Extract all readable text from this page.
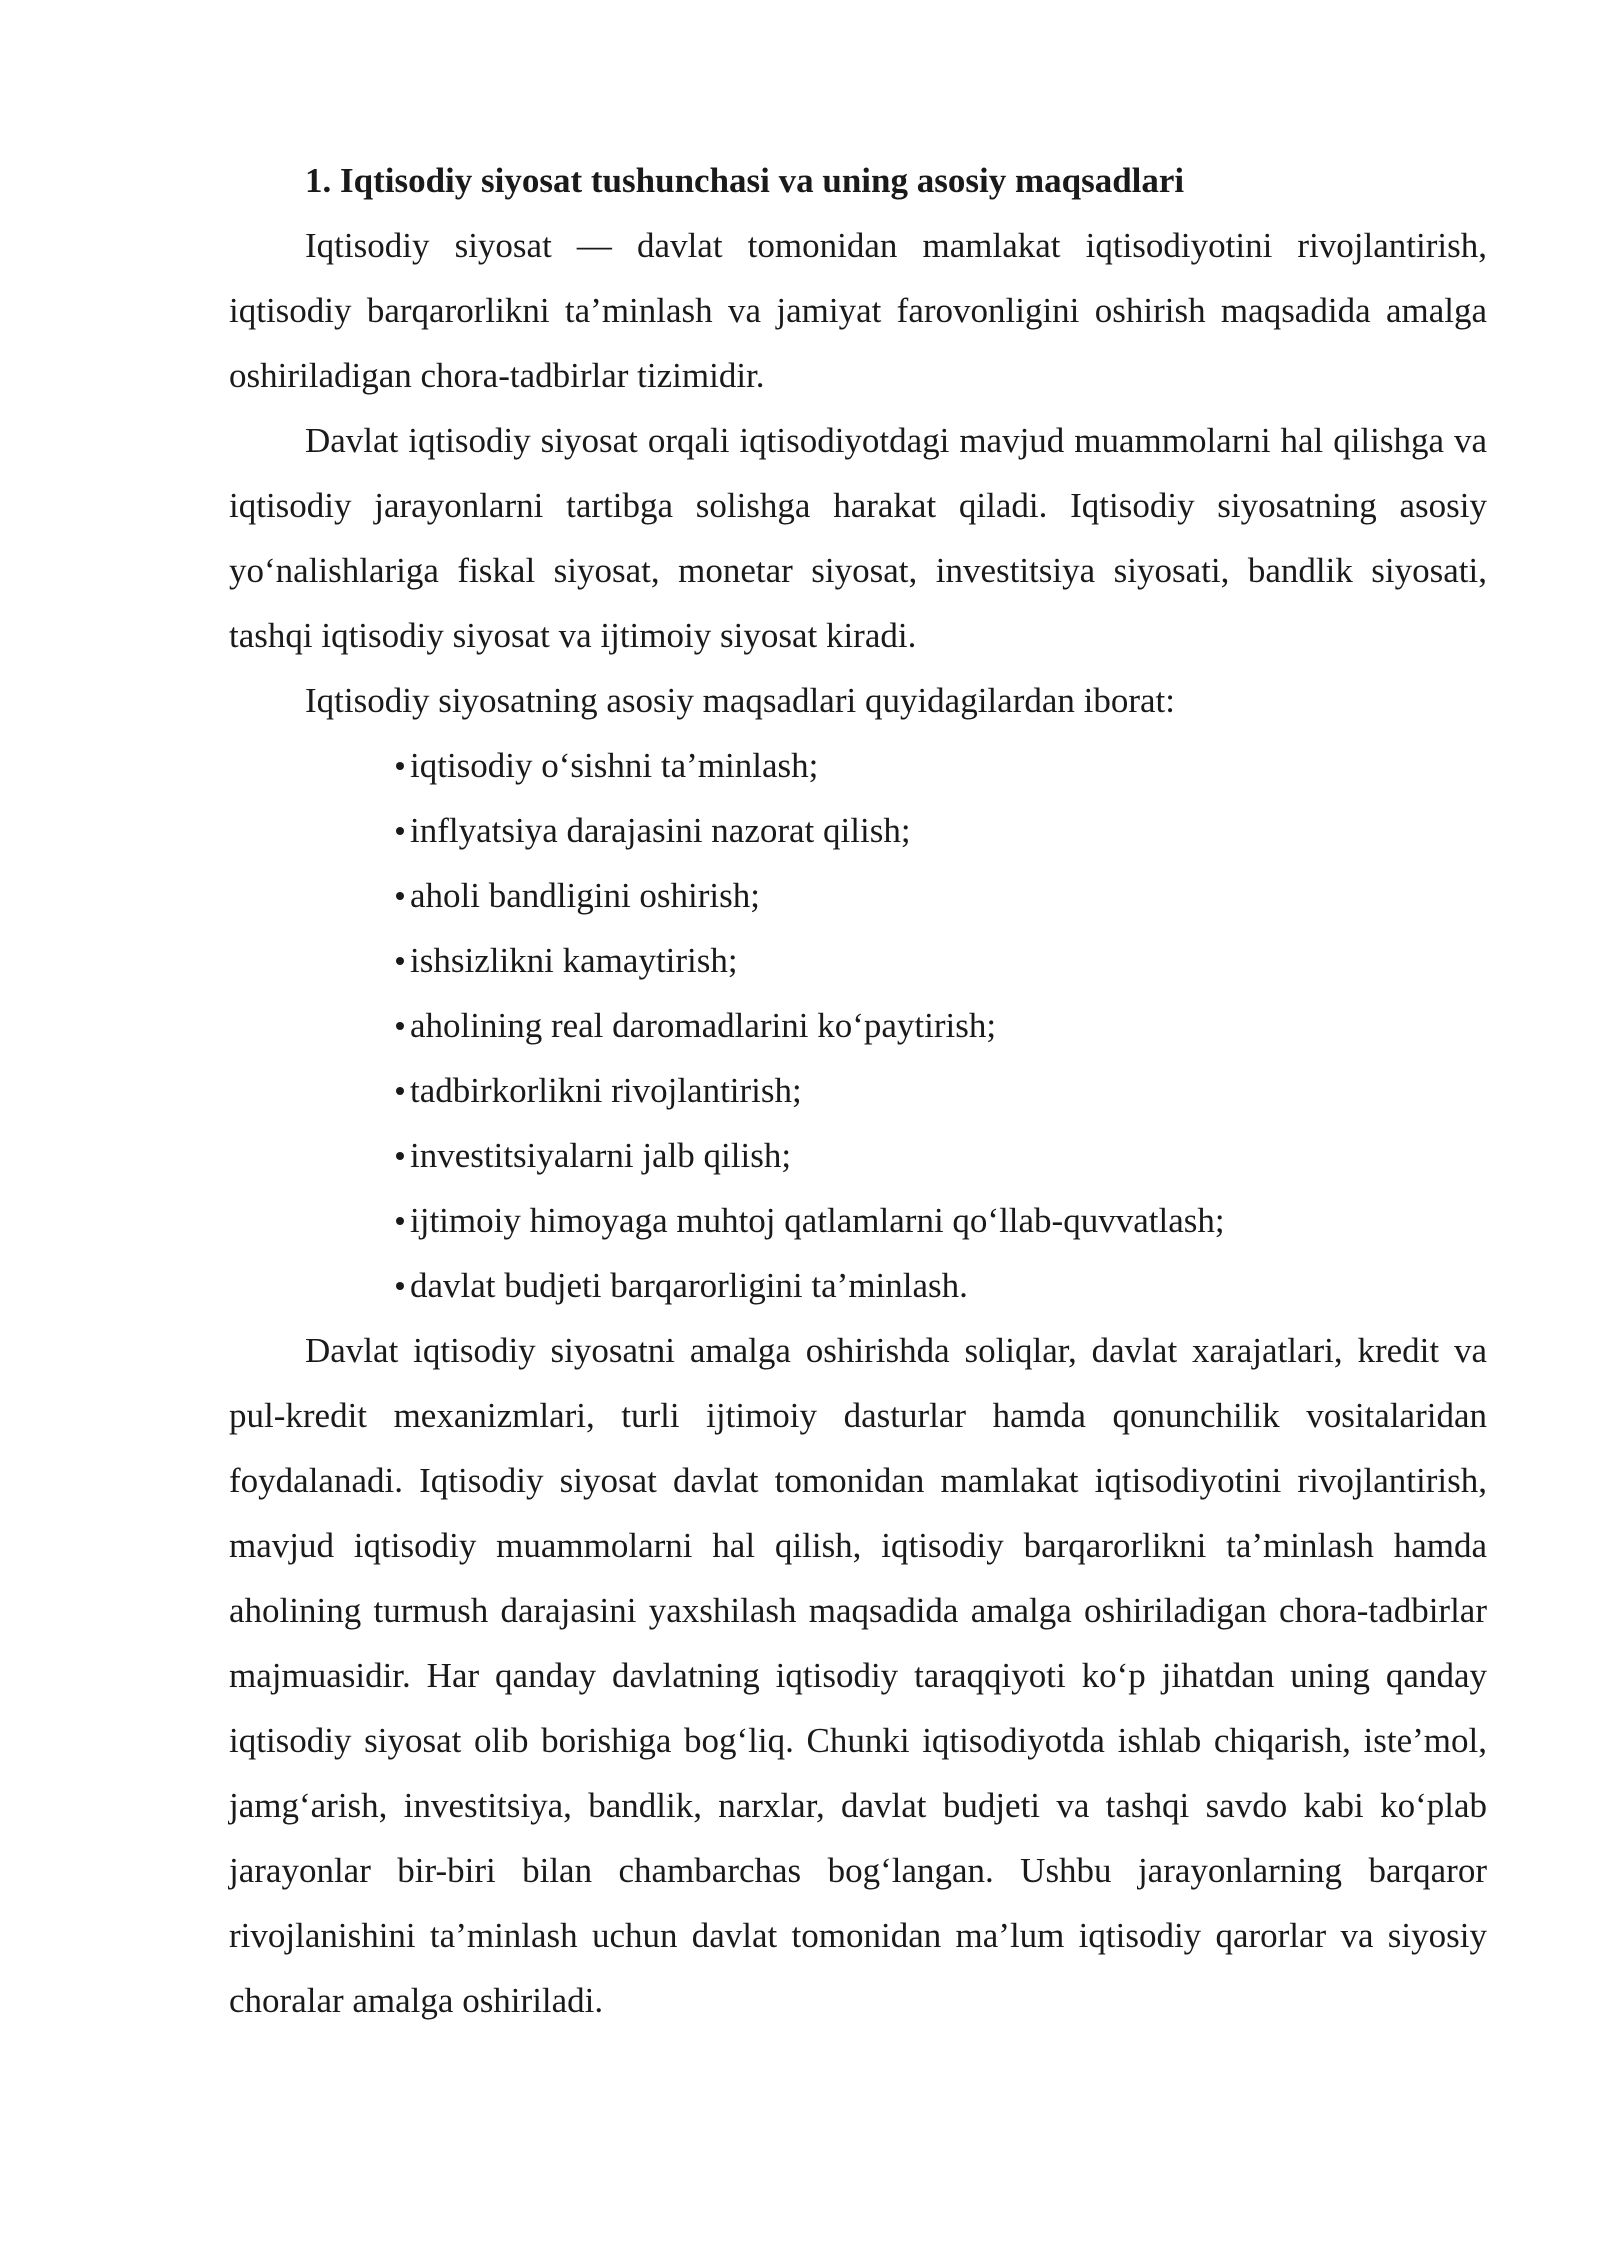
1. Iqtisodiy siyosat tushunchasi va uning asosiy maqsadlari

Iqtisodiy siyosat — davlat tomonidan mamlakat iqtisodiyotini rivojlantirish, iqtisodiy barqarorlikni ta’minlash va jamiyat farovonligini oshirish maqsadida amalga oshiriladigan chora-tadbirlar tizimidir.

Davlat iqtisodiy siyosat orqali iqtisodiyotdagi mavjud muammolarni hal qilishga va iqtisodiy jarayonlarni tartibga solishga harakat qiladi. Iqtisodiy siyosatning asosiy yo‘nalishlariga fiskal siyosat, monetar siyosat, investitsiya siyosati, bandlik siyosati, tashqi iqtisodiy siyosat va ijtimoiy siyosat kiradi.

Iqtisodiy siyosatning asosiy maqsadlari quyidagilardan iborat:

iqtisodiy o‘sishni ta’minlash;
inflyatsiya darajasini nazorat qilish;
aholi bandligini oshirish;
ishsizlikni kamaytirish;
aholining real daromadlarini ko‘paytirish;
tadbirkorlikni rivojlantirish;
investitsiyalarni jalb qilish;
ijtimoiy himoyaga muhtoj qatlamlarni qo‘llab-quvvatlash;
davlat budjeti barqarorligini ta’minlash.

Davlat iqtisodiy siyosatni amalga oshirishda soliqlar, davlat xarajatlari, kredit va pul-kredit mexanizmlari, turli ijtimoiy dasturlar hamda qonunchilik vositalaridan foydalanadi. Iqtisodiy siyosat davlat tomonidan mamlakat iqtisodiyotini rivojlantirish, mavjud iqtisodiy muammolarni hal qilish, iqtisodiy barqarorlikni ta’minlash hamda aholining turmush darajasini yaxshilash maqsadida amalga oshiriladigan chora-tadbirlar majmuasidir. Har qanday davlatning iqtisodiy taraqqiyoti ko‘p jihatdan uning qanday iqtisodiy siyosat olib borishiga bog‘liq. Chunki iqtisodiyotda ishlab chiqarish, iste’mol, jamg‘arish, investitsiya, bandlik, narxlar, davlat budjeti va tashqi savdo kabi ko‘plab jarayonlar bir-biri bilan chambarchas bog‘langan. Ushbu jarayonlarning barqaror rivojlanishini ta’minlash uchun davlat tomonidan ma’lum iqtisodiy qarorlar va siyosiy choralar amalga oshiriladi.
